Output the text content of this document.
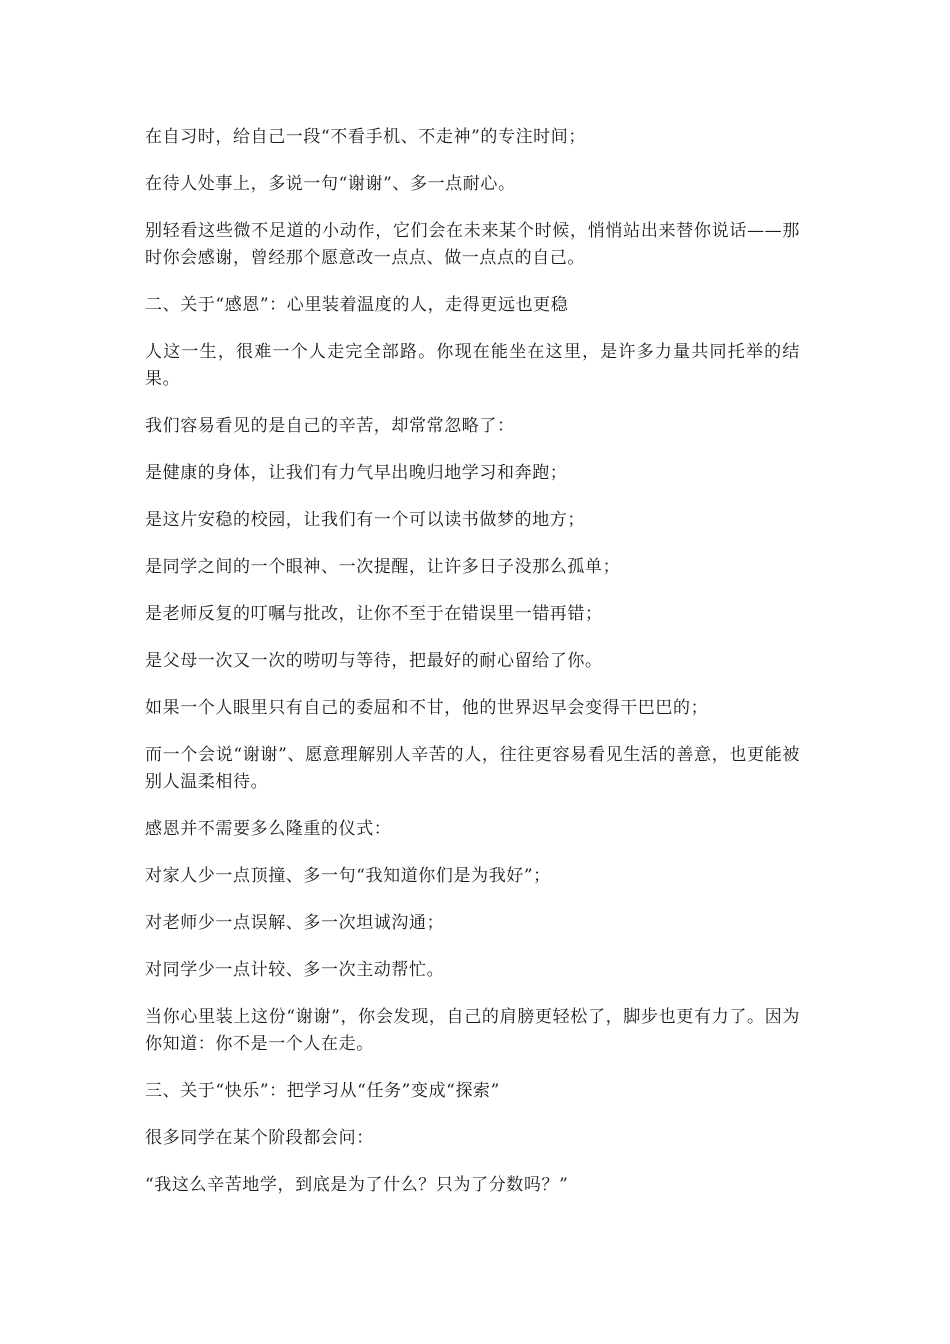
在自习时，给自己一段“不看手机、不走神”的专注时间；

在待人处事上，多说一句“谢谢”、多一点耐心。

别轻看这些微不足道的小动作，它们会在未来某个时候，悄悄站出来替你说话——那时你会感谢，曾经那个愿意改一点点、做一点点的自己。

二、关于“感恩”：心里装着温度的人，走得更远也更稳

人这一生，很难一个人走完全部路。你现在能坐在这里，是许多力量共同托举的结果。

我们容易看见的是自己的辛苦，却常常忽略了：

是健康的身体，让我们有力气早出晚归地学习和奔跑；

是这片安稳的校园，让我们有一个可以读书做梦的地方；

是同学之间的一个眼神、一次提醒，让许多日子没那么孤单；

是老师反复的叮嘱与批改，让你不至于在错误里一错再错；

是父母一次又一次的唠叨与等待，把最好的耐心留给了你。

如果一个人眼里只有自己的委屈和不甘，他的世界迟早会变得干巴巴的；

而一个会说“谢谢”、愿意理解别人辛苦的人，往往更容易看见生活的善意，也更能被别人温柔相待。

感恩并不需要多么隆重的仪式：

对家人少一点顶撞、多一句“我知道你们是为我好”；

对老师少一点误解、多一次坦诚沟通；

对同学少一点计较、多一次主动帮忙。

当你心里装上这份“谢谢”，你会发现，自己的肩膀更轻松了，脚步也更有力了。因为你知道：你不是一个人在走。

三、关于“快乐”：把学习从“任务”变成“探索”

很多同学在某个阶段都会问：

“我这么辛苦地学，到底是为了什么？只为了分数吗？”
